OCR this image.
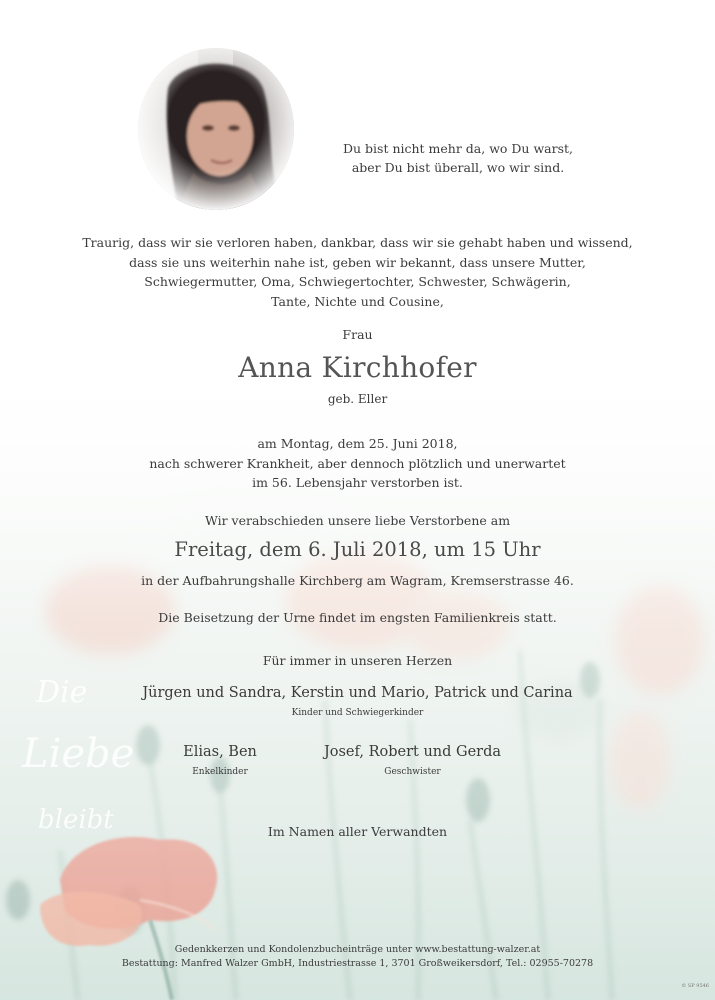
Die
Liebe
bleibt
Du bist nicht mehr da, wo Du warst,
aber Du bist überall, wo wir sind.
Traurig, dass wir sie verloren haben, dankbar, dass wir sie gehabt haben und wissend,
dass sie uns weiterhin nahe ist, geben wir bekannt, dass unsere Mutter,
Schwiegermutter, Oma, Schwiegertochter, Schwester, Schwägerin,
Tante, Nichte und Cousine,
Frau
Anna Kirchhofer
geb. Eller
am Montag, dem 25. Juni 2018,
nach schwerer Krankheit, aber dennoch plötzlich und unerwartet
im 56. Lebensjahr verstorben ist.
Wir verabschieden unsere liebe Verstorbene am
Freitag, dem 6. Juli 2018, um 15 Uhr
in der Aufbahrungshalle Kirchberg am Wagram, Kremserstrasse 46.
Die Beisetzung der Urne findet im engsten Familienkreis statt.
Für immer in unseren Herzen
Jürgen und Sandra, Kerstin und Mario, Patrick und Carina
Kinder und Schwiegerkinder
Elias, Ben
Enkelkinder
Josef, Robert und Gerda
Geschwister
Im Namen aller Verwandten
Gedenkkerzen und Kondolenzbucheinträge unter www.bestattung-walzer.at
Bestattung: Manfred Walzer GmbH, Industriestrasse 1, 3701 Großweikersdorf, Tel.: 02955-70278
© SP 9546
